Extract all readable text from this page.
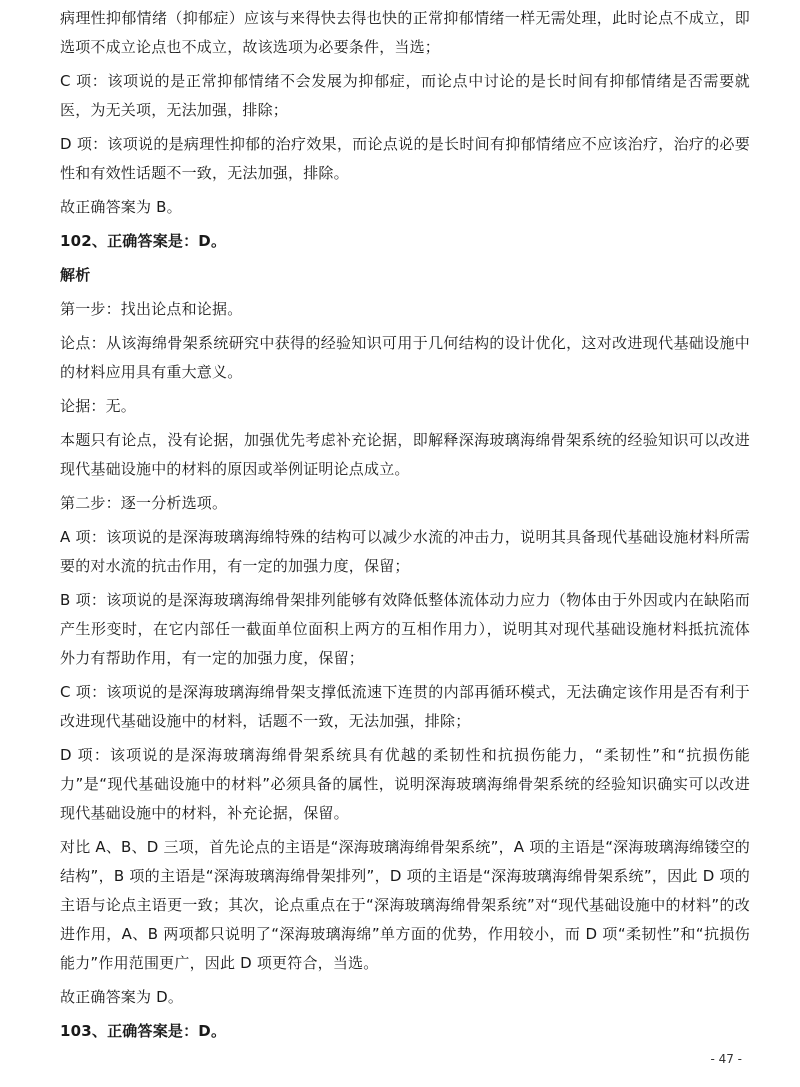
病理性抑郁情绪（抑郁症）应该与来得快去得也快的正常抑郁情绪一样无需处理，此时论点不成立，即选项不成立论点也不成立，故该选项为必要条件，当选；

C 项：该项说的是正常抑郁情绪不会发展为抑郁症，而论点中讨论的是长时间有抑郁情绪是否需要就医，为无关项，无法加强，排除；

D 项：该项说的是病理性抑郁的治疗效果，而论点说的是长时间有抑郁情绪应不应该治疗，治疗的必要性和有效性话题不一致，无法加强，排除。

故正确答案为 B。

102、正确答案是：D。

解析

第一步：找出论点和论据。

论点：从该海绵骨架系统研究中获得的经验知识可用于几何结构的设计优化，这对改进现代基础设施中的材料应用具有重大意义。

论据：无。

本题只有论点，没有论据，加强优先考虑补充论据，即解释深海玻璃海绵骨架系统的经验知识可以改进现代基础设施中的材料的原因或举例证明论点成立。

第二步：逐一分析选项。

A 项：该项说的是深海玻璃海绵特殊的结构可以减少水流的冲击力，说明其具备现代基础设施材料所需要的对水流的抗击作用，有一定的加强力度，保留；

B 项：该项说的是深海玻璃海绵骨架排列能够有效降低整体流体动力应力（物体由于外因或内在缺陷而产生形变时，在它内部任一截面单位面积上两方的互相作用力），说明其对现代基础设施材料抵抗流体外力有帮助作用，有一定的加强力度，保留；

C 项：该项说的是深海玻璃海绵骨架支撑低流速下连贯的内部再循环模式，无法确定该作用是否有利于改进现代基础设施中的材料，话题不一致，无法加强，排除；

D 项：该项说的是深海玻璃海绵骨架系统具有优越的柔韧性和抗损伤能力，“柔韧性”和“抗损伤能力”是“现代基础设施中的材料”必须具备的属性，说明深海玻璃海绵骨架系统的经验知识确实可以改进现代基础设施中的材料，补充论据，保留。

对比 A、B、D 三项，首先论点的主语是“深海玻璃海绵骨架系统”，A 项的主语是“深海玻璃海绵镂空的结构”，B 项的主语是“深海玻璃海绵骨架排列”，D 项的主语是“深海玻璃海绵骨架系统”，因此 D 项的主语与论点主语更一致；其次，论点重点在于“深海玻璃海绵骨架系统”对“现代基础设施中的材料”的改进作用，A、B 两项都只说明了“深海玻璃海绵”单方面的优势，作用较小，而 D 项“柔韧性”和“抗损伤能力”作用范围更广，因此 D 项更符合，当选。

故正确答案为 D。

103、正确答案是：D。

- 47 -
